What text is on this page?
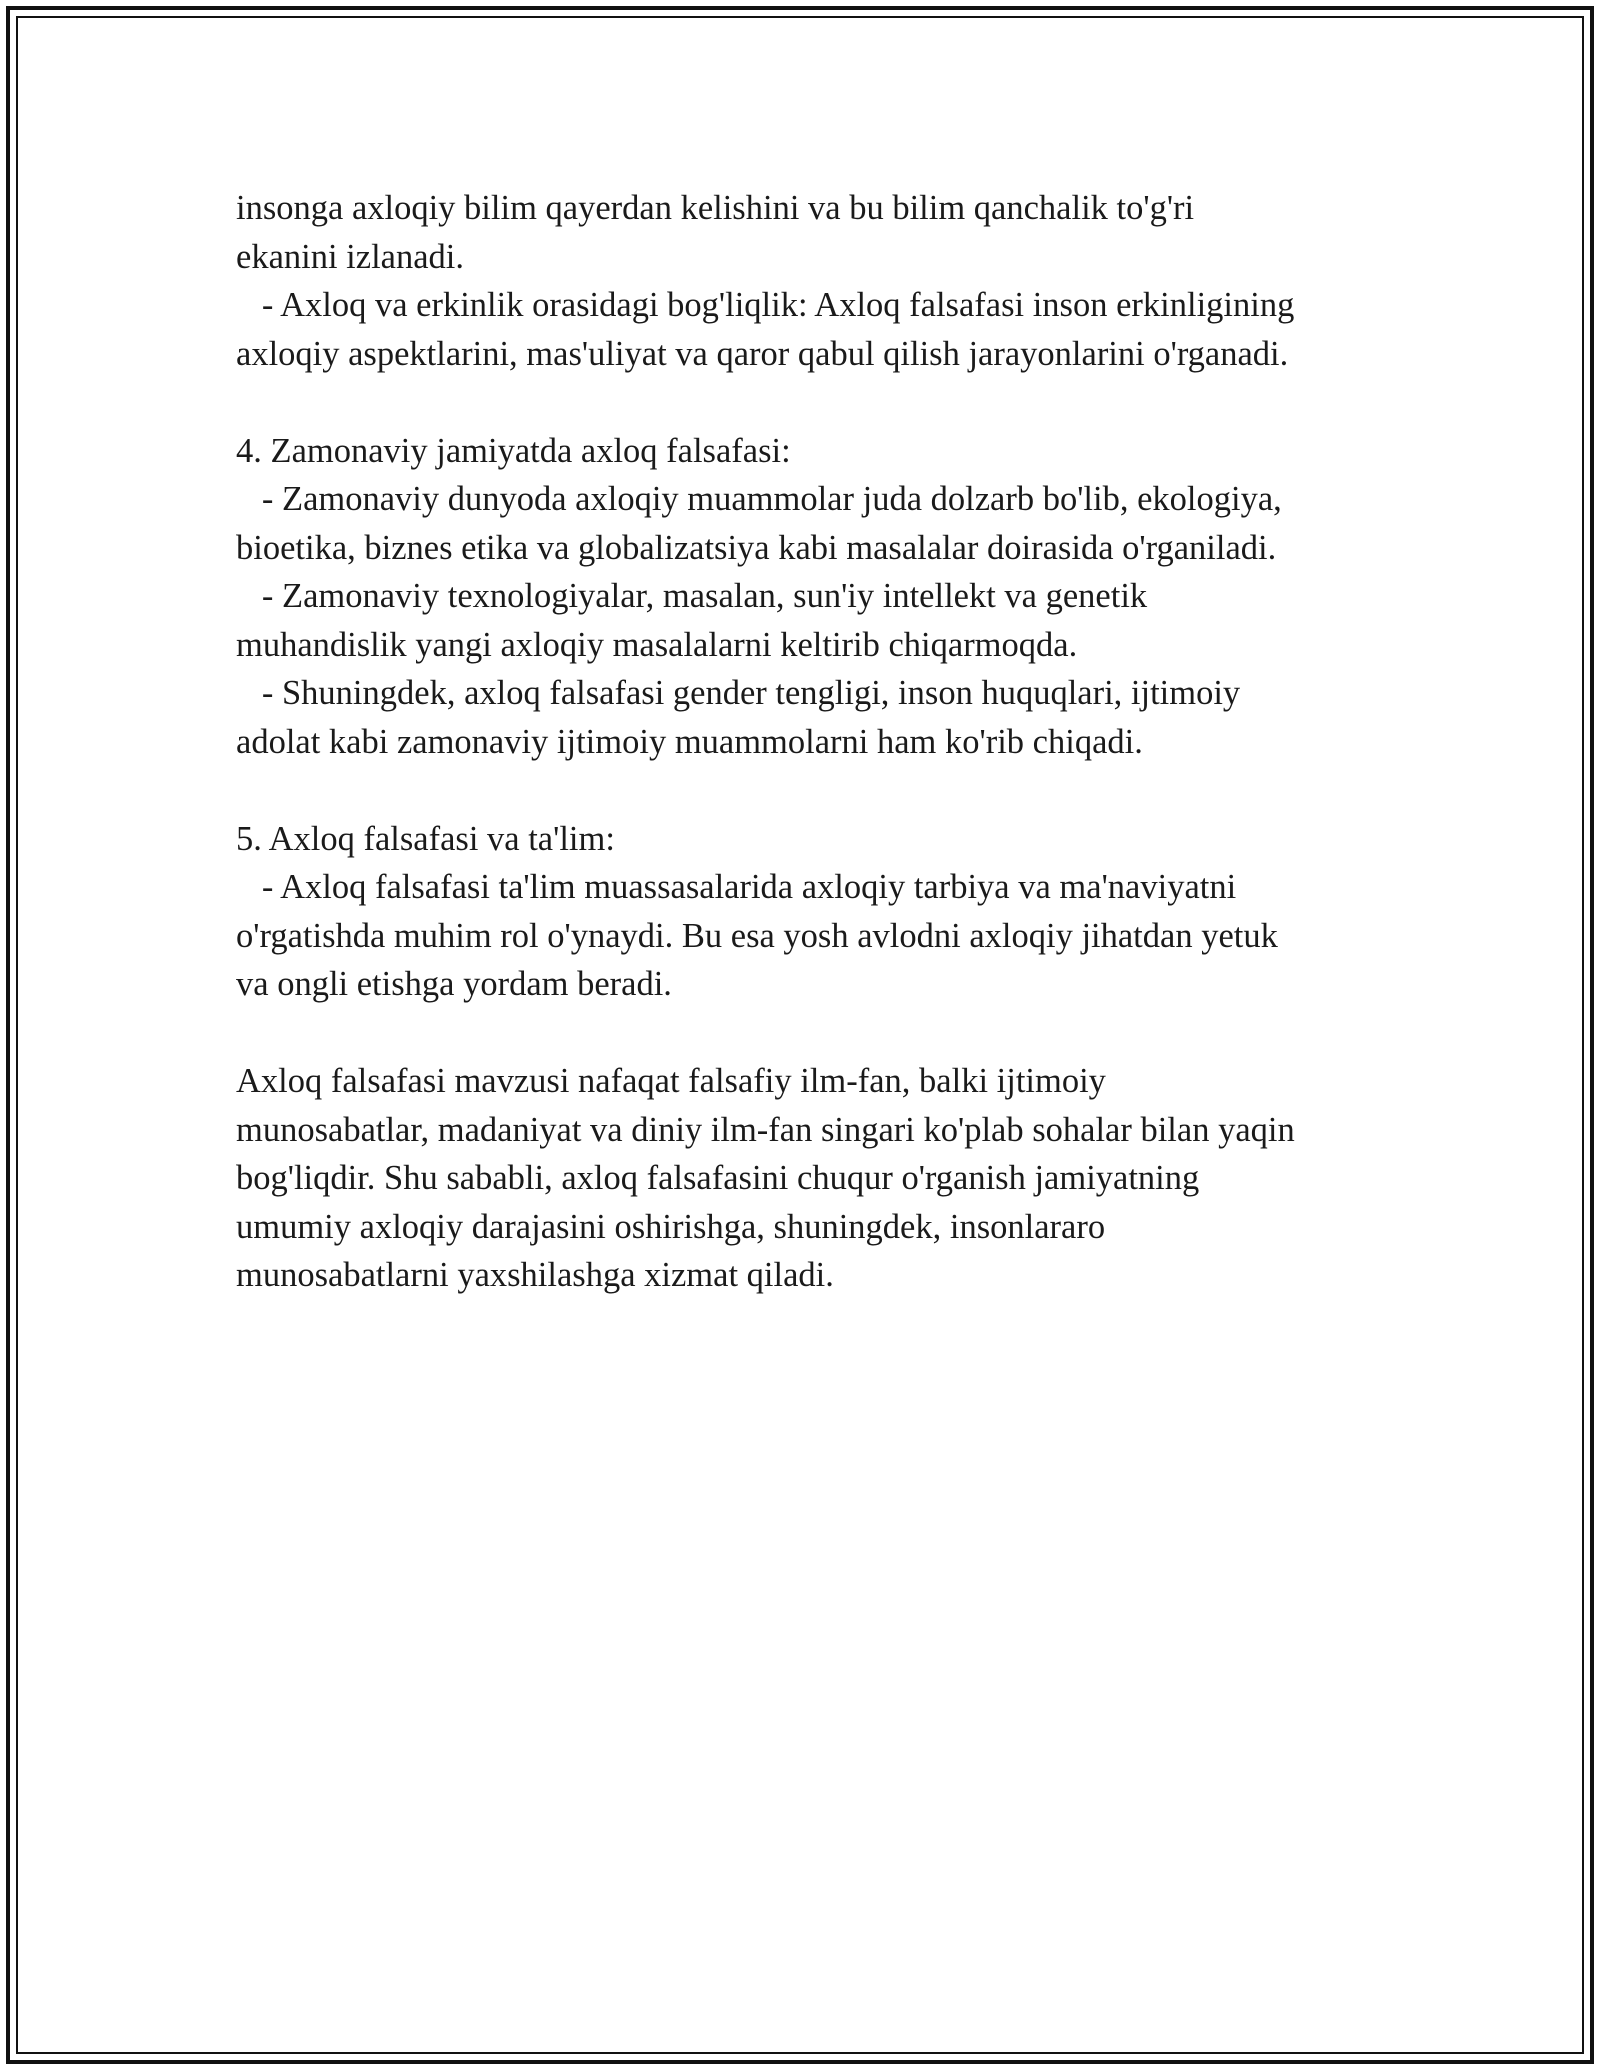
insonga axloqiy bilim qayerdan kelishini va bu bilim qanchalik to'g'ri
ekanini izlanadi.
- Axloq va erkinlik orasidagi bog'liqlik: Axloq falsafasi inson erkinligining
axloqiy aspektlarini, mas'uliyat va qaror qabul qilish jarayonlarini o'rganadi.
4. Zamonaviy jamiyatda axloq falsafasi:
- Zamonaviy dunyoda axloqiy muammolar juda dolzarb bo'lib, ekologiya,
bioetika, biznes etika va globalizatsiya kabi masalalar doirasida o'rganiladi.
- Zamonaviy texnologiyalar, masalan, sun'iy intellekt va genetik
muhandislik yangi axloqiy masalalarni keltirib chiqarmoqda.
- Shuningdek, axloq falsafasi gender tengligi, inson huquqlari, ijtimoiy
adolat kabi zamonaviy ijtimoiy muammolarni ham ko'rib chiqadi.
5. Axloq falsafasi va ta'lim:
- Axloq falsafasi ta'lim muassasalarida axloqiy tarbiya va ma'naviyatni
o'rgatishda muhim rol o'ynaydi. Bu esa yosh avlodni axloqiy jihatdan yetuk
va ongli etishga yordam beradi.
Axloq falsafasi mavzusi nafaqat falsafiy ilm-fan, balki ijtimoiy
munosabatlar, madaniyat va diniy ilm-fan singari ko'plab sohalar bilan yaqin
bog'liqdir. Shu sababli, axloq falsafasini chuqur o'rganish jamiyatning
umumiy axloqiy darajasini oshirishga, shuningdek, insonlararo
munosabatlarni yaxshilashga xizmat qiladi.
